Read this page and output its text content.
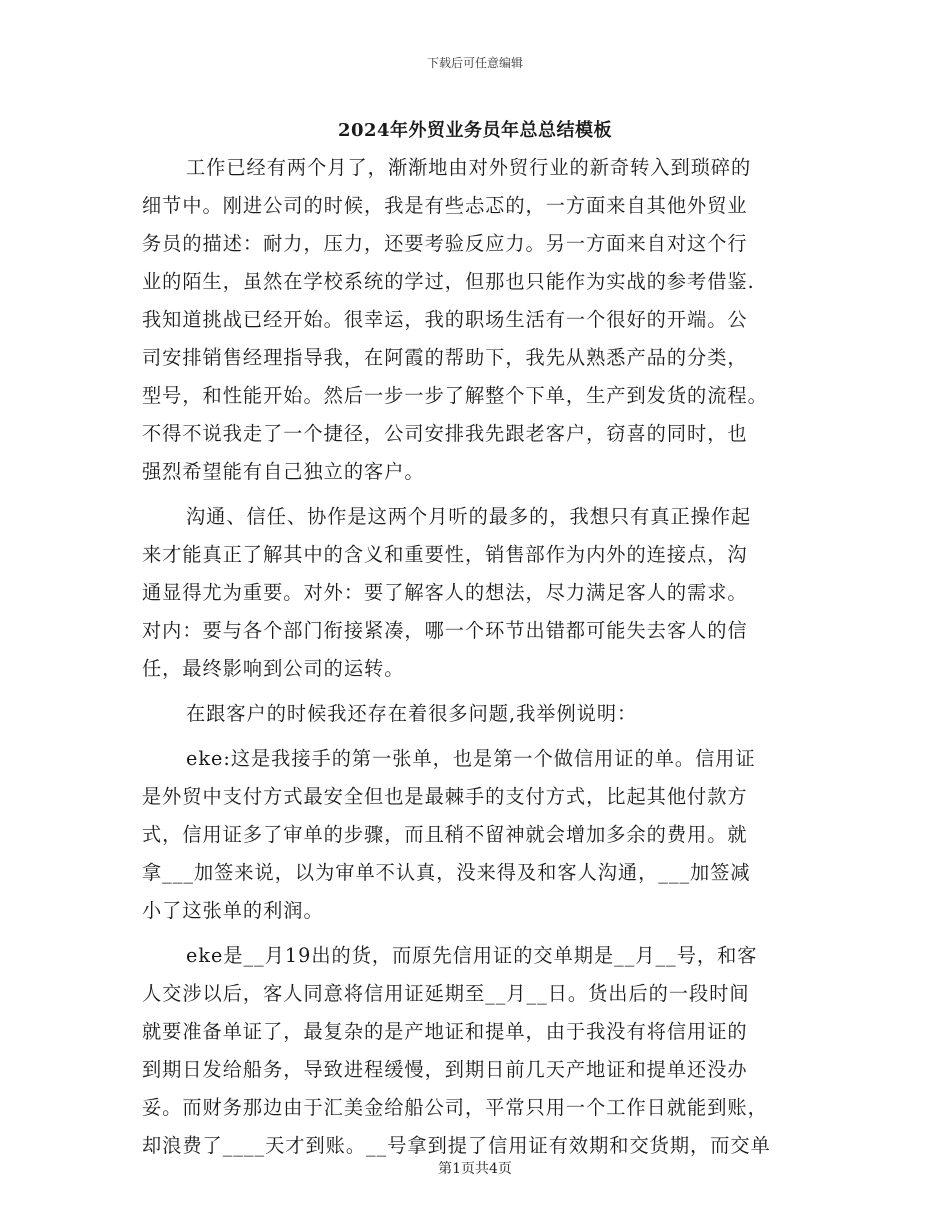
下载后可任意编辑
2024年外贸业务员年总总结模板
工作已经有两个月了，渐渐地由对外贸行业的新奇转入到琐碎的
细节中。刚进公司的时候，我是有些忐忑的，一方面来自其他外贸业
务员的描述：耐力，压力，还要考验反应力。另一方面来自对这个行
业的陌生，虽然在学校系统的学过，但那也只能作为实战的参考借鉴.
我知道挑战已经开始。很幸运，我的职场生活有一个很好的开端。公
司安排销售经理指导我，在阿霞的帮助下，我先从熟悉产品的分类，
型号，和性能开始。然后一步一步了解整个下单，生产到发货的流程。
不得不说我走了一个捷径，公司安排我先跟老客户，窃喜的同时，也
强烈希望能有自己独立的客户。
沟通、信任、协作是这两个月听的最多的，我想只有真正操作起
来才能真正了解其中的含义和重要性，销售部作为内外的连接点，沟
通显得尤为重要。对外：要了解客人的想法，尽力满足客人的需求。
对内：要与各个部门衔接紧凑，哪一个环节出错都可能失去客人的信
任，最终影响到公司的运转。
在跟客户的时候我还存在着很多问题,我举例说明：
eke:这是我接手的第一张单，也是第一个做信用证的单。信用证
是外贸中支付方式最安全但也是最棘手的支付方式，比起其他付款方
式，信用证多了审单的步骤，而且稍不留神就会增加多余的费用。就
拿___加签来说，以为审单不认真，没来得及和客人沟通，___加签减
小了这张单的利润。
eke是__月19出的货，而原先信用证的交单期是__月__号，和客
人交涉以后，客人同意将信用证延期至__月__日。货出后的一段时间
就要准备单证了，最复杂的是产地证和提单，由于我没有将信用证的
到期日发给船务，导致进程缓慢，到期日前几天产地证和提单还没办
妥。而财务那边由于汇美金给船公司，平常只用一个工作日就能到账，
却浪费了____天才到账。__号拿到提了信用证有效期和交货期，而交单
第1页共4页
